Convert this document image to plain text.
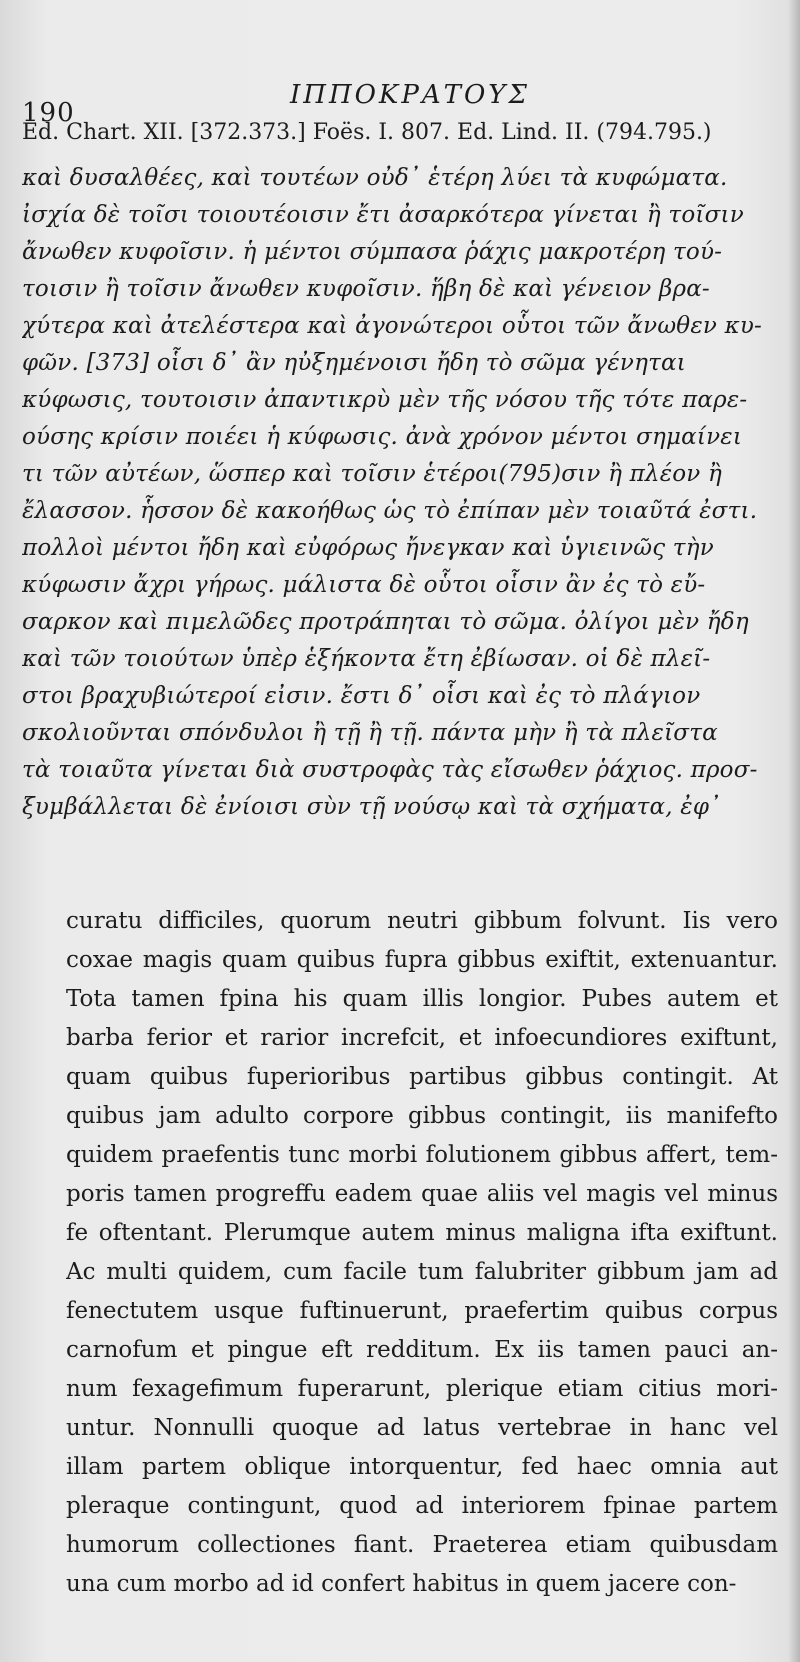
190
ΙΠΠΟΚΡΑΤΟΥΣ
Ed. Chart. XII. [372.373.] Foës. I. 807. Ed. Lind. II. (794.795.)
καὶ δυσαλθέες, καὶ τουτέων οὐδ᾽ ἑτέρη λύει τὰ κυφώματα.
ἰσχία δὲ τοῖσι τοιουτέοισιν ἔτι ἀσαρκότερα γίνεται ἢ τοῖσιν
ἄνωθεν κυφοῖσιν. ἡ μέντοι σύμπασα ῥάχις μακροτέρη τού-
τοισιν ἢ τοῖσιν ἄνωθεν κυφοῖσιν. ἥβη δὲ καὶ γένειον βρα-
χύτερα καὶ ἀτελέστερα καὶ ἀγονώτεροι οὗτοι τῶν ἄνωθεν κυ-
φῶν. [373] οἷσι δ᾽ ἂν ηὐξημένοισι ἤδη τὸ σῶμα γένηται
κύφωσις, τουτοισιν ἀπαντικρὺ μὲν τῆς νόσου τῆς τότε παρε-
ούσης κρίσιν ποιέει ἡ κύφωσις. ἀνὰ χρόνον μέντοι σημαίνει
τι τῶν αὐτέων, ὥσπερ καὶ τοῖσιν ἑτέροι(795)σιν ἢ πλέον ἢ
ἔλασσον. ἧσσον δὲ κακοήθως ὡς τὸ ἐπίπαν μὲν τοιαῦτά ἐστι.
πολλοὶ μέντοι ἤδη καὶ εὐφόρως ἤνεγκαν καὶ ὑγιεινῶς τὴν
κύφωσιν ἄχρι γήρως. μάλιστα δὲ οὗτοι οἷσιν ἂν ἐς τὸ εὔ-
σαρκον καὶ πιμελῶδες προτράπηται τὸ σῶμα. ὀλίγοι μὲν ἤδη
καὶ τῶν τοιούτων ὑπὲρ ἑξήκοντα ἔτη ἐβίωσαν. οἱ δὲ πλεῖ-
στοι βραχυβιώτεροί εἰσιν. ἔστι δ᾽ οἷσι καὶ ἐς τὸ πλάγιον
σκολιοῦνται σπόνδυλοι ἢ τῇ ἢ τῇ. πάντα μὴν ἢ τὰ πλεῖστα
τὰ τοιαῦτα γίνεται διὰ συστροφὰς τὰς εἴσωθεν ῥάχιος. προσ-
ξυμβάλλεται δὲ ἐνίοισι σὺν τῇ νούσῳ καὶ τὰ σχήματα, ἐφ᾽
curatu difficiles, quorum neutri gibbum folvunt. Iis vero
coxae magis quam quibus fupra gibbus exiftit, extenuantur.
Tota tamen fpina his quam illis longior. Pubes autem et
barba ferior et rarior increfcit, et infoecundiores exiftunt,
quam quibus fuperioribus partibus gibbus contingit. At
quibus jam adulto corpore gibbus contingit, iis manifefto
quidem praefentis tunc morbi folutionem gibbus affert, tem-
poris tamen progreffu eadem quae aliis vel magis vel minus
fe oftentant. Plerumque autem minus maligna ifta exiftunt.
Ac multi quidem, cum facile tum falubriter gibbum jam ad
fenectutem usque fuftinuerunt, praefertim quibus corpus
carnofum et pingue eft redditum. Ex iis tamen pauci an-
num fexagefimum fuperarunt, plerique etiam citius mori-
untur. Nonnulli quoque ad latus vertebrae in hanc vel
illam partem oblique intorquentur, fed haec omnia aut
pleraque contingunt, quod ad interiorem fpinae partem
humorum collectiones fiant. Praeterea etiam quibusdam
una cum morbo ad id confert habitus in quem jacere con-
